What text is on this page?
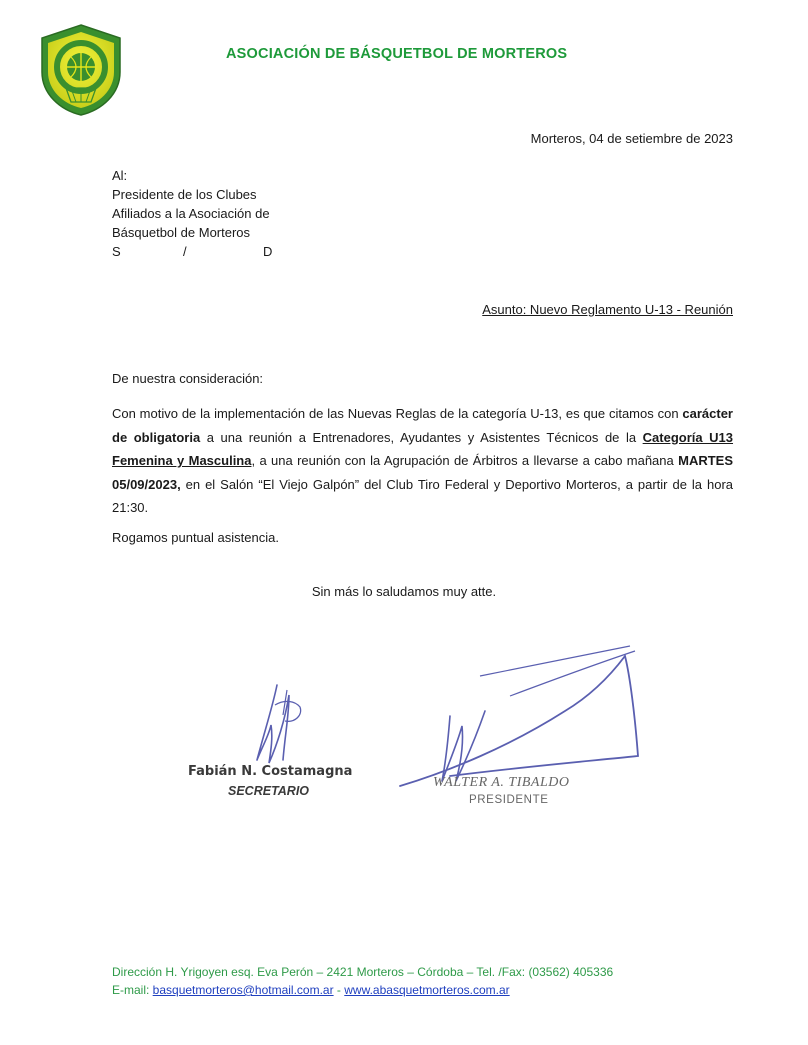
ASOCIACIÓN DE BÁSQUETBOL DE MORTEROS
Morteros, 04 de setiembre de 2023
Al:
Presidente de los Clubes
Afiliados a la Asociación de
Básquetbol de Morteros
S	/	D
Asunto: Nuevo Reglamento U-13 - Reunión
De nuestra consideración:
Con motivo de la implementación de las Nuevas Reglas de la categoría U-13, es que citamos con carácter de obligatoria a una reunión a Entrenadores, Ayudantes y Asistentes Técnicos de la Categoría U13 Femenina y Masculina, a una reunión con la Agrupación de Árbitros a llevarse a cabo mañana MARTES 05/09/2023, en el Salón “El Viejo Galpón” del Club Tiro Federal y Deportivo Morteros, a partir de la hora 21:30.
Rogamos puntual asistencia.
Sin más lo saludamos muy atte.
Fabián N. Costamagna
SECRETARIO
WALTER A. TIBALDO
PRESIDENTE
Dirección H. Yrigoyen esq. Eva Perón – 2421 Morteros – Córdoba – Tel. /Fax: (03562) 405336
E-mail: basquetmorteros@hotmail.com.ar - www.abasquetmorteros.com.ar
